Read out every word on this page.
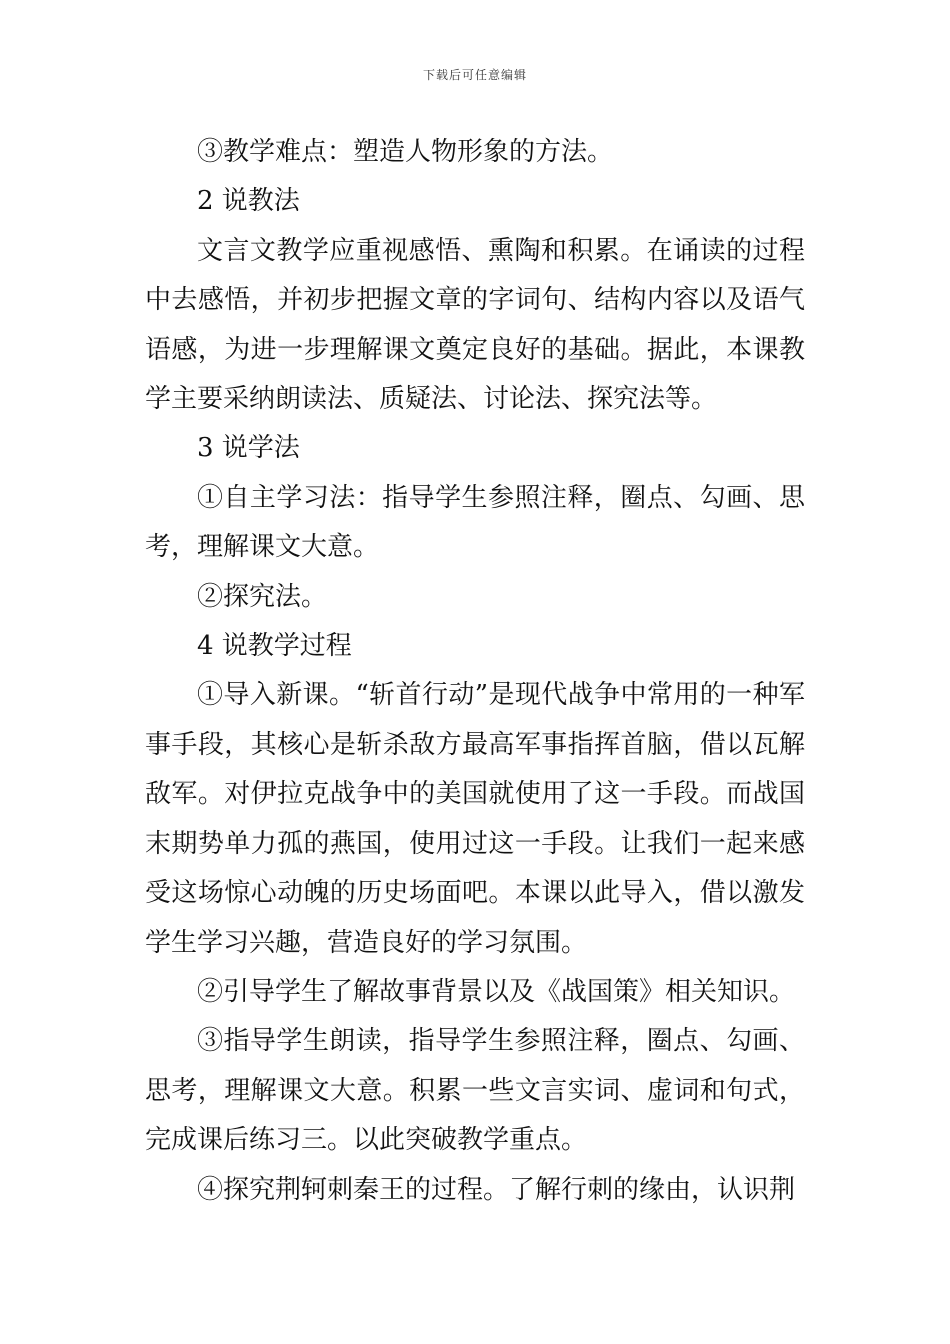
下载后可任意编辑

③教学难点：塑造人物形象的方法。

2 说教法

文言文教学应重视感悟、熏陶和积累。在诵读的过程中去感悟，并初步把握文章的字词句、结构内容以及语气语感，为进一步理解课文奠定良好的基础。据此，本课教学主要采纳朗读法、质疑法、讨论法、探究法等。

3 说学法

①自主学习法：指导学生参照注释，圈点、勾画、思考，理解课文大意。

②探究法。

4 说教学过程

①导入新课。“斩首行动”是现代战争中常用的一种军事手段，其核心是斩杀敌方最高军事指挥首脑，借以瓦解敌军。对伊拉克战争中的美国就使用了这一手段。而战国末期势单力孤的燕国，使用过这一手段。让我们一起来感受这场惊心动魄的历史场面吧。本课以此导入，借以激发学生学习兴趣，营造良好的学习氛围。

②引导学生了解故事背景以及《战国策》相关知识。

③指导学生朗读，指导学生参照注释，圈点、勾画、思考，理解课文大意。积累一些文言实词、虚词和句式，完成课后练习三。以此突破教学重点。

④探究荆轲刺秦王的过程。了解行刺的缘由，认识荆
